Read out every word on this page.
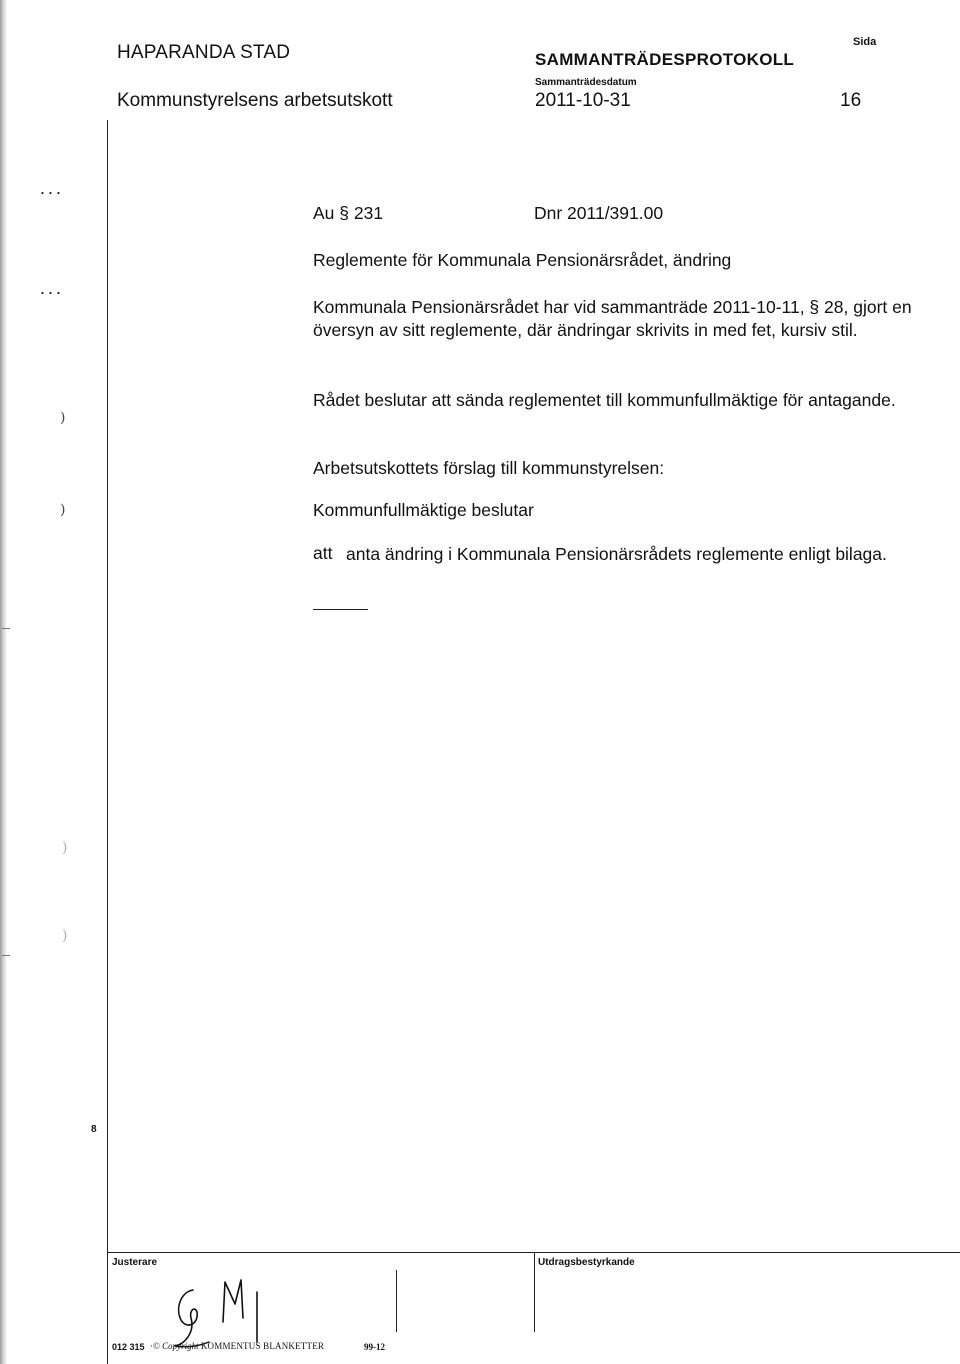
HAPARANDA STAD
Kommunstyrelsens arbetsutskott
SAMMANTRÄDESPROTOKOLL
Sammanträdesdatum
2011-10-31
Sida
16
...
...
)
)
)
)
Au § 231	Dnr 2011/391.00
Reglemente för Kommunala Pensionärsrådet, ändring
Kommunala Pensionärsrådet har vid sammanträde 2011-10-11, § 28, gjort en översyn av sitt reglemente, där ändringar skrivits in med fet, kursiv stil.
Rådet beslutar att sända reglementet till kommunfullmäktige för antagande.
Arbetsutskottets förslag till kommunstyrelsen:
Kommunfullmäktige beslutar
att anta ändring i Kommunala Pensionärsrådets reglemente enligt bilaga.
8
Justerare	Utdragsbestyrkande
012 315 ·© Copyright KOMMENTUS BLANKETTER	99-12
